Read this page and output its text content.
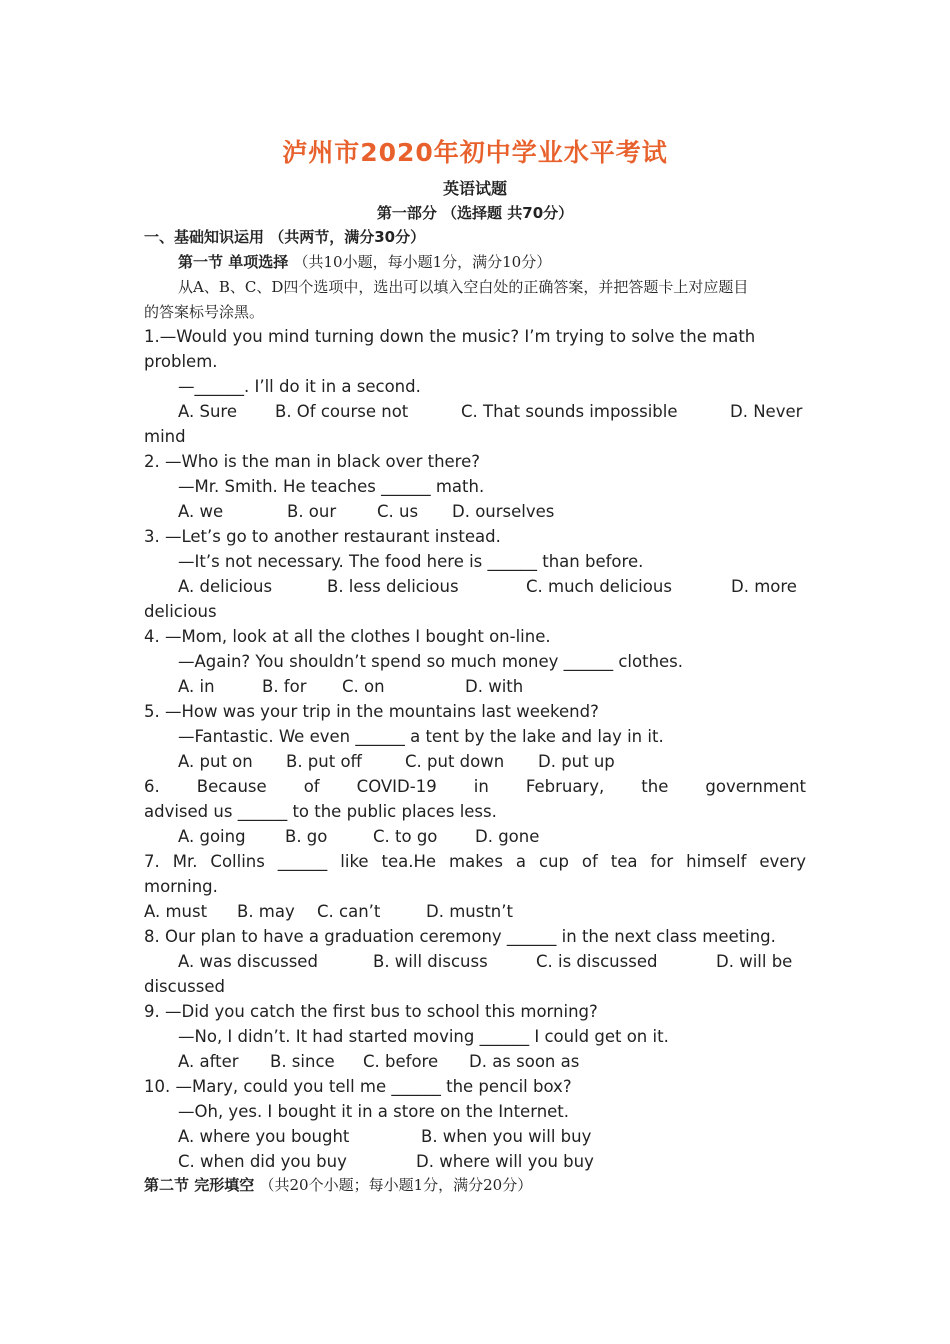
泸州市2020年初中学业水平考试
英语试题
第一部分 （选择题 共70分）
一、基础知识运用 （共两节，满分30分）
第一节 单项选择 （共10小题，每小题1分，满分10分）
从A、B、C、D四个选项中，选出可以填入空白处的正确答案，并把答题卡上对应题目
的答案标号涂黑。
1.—Would you mind turning down the music? I’m trying to solve the math
problem.
—______. I’ll do it in a second.
A. Sure B. Of course not	C. That sounds impossible	D. Never
mind
2. —Who is the man in black over there?
—Mr. Smith. He teaches ______ math.
A. we	B. our C. us D. ourselves
3. —Let’s go to another restaurant instead.
—It’s not necessary. The food here is ______ than before.
A. delicious	B. less delicious	C. much delicious	D. more
delicious
4. —Mom, look at all the clothes I bought on-line.
—Again? You shouldn’t spend so much money ______ clothes.
A. in	B. for C. on	D. with
5. —How was your trip in the mountains last weekend?
—Fantastic. We even ______ a tent by the lake and lay in it.
A. put on B. put off	C. put down D. put up
6. Because of COVID-19 in February, the government
advised us ______ to the public places less.
A. going B. go	C. to go D. gone
7. Mr. Collins ______ like tea.He makes a cup of tea for himself every
morning.
A. must B. may C. can’t	D. mustn’t
8. Our plan to have a graduation ceremony ______ in the next class meeting.
A. was discussed	B. will discuss	C. is discussed	D. will be
discussed
9. —Did you catch the first bus to school this morning?
—No, I didn’t. It had started moving ______ I could get on it.
A. after B. since C. before D. as soon as
10. —Mary, could you tell me ______ the pencil box?
—Oh, yes. I bought it in a store on the Internet.
A. where you bought	B. when you will buy
C. when did you buy	D. where will you buy
第二节 完形填空 （共20个小题；每小题1分，满分20分）
